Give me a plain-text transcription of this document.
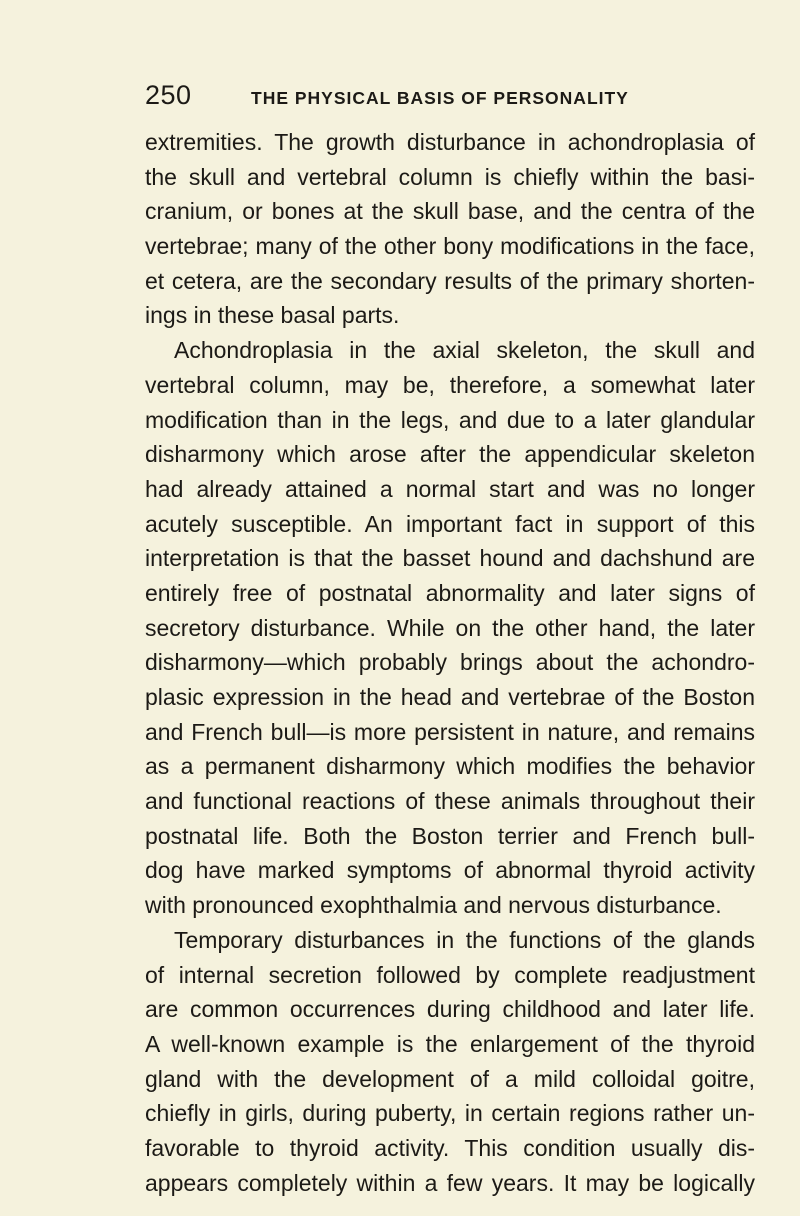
250	THE PHYSICAL BASIS OF PERSONALITY
extremities. The growth disturbance in achondroplasia of
the skull and vertebral column is chiefly within the basi-
cranium, or bones at the skull base, and the centra of the
vertebrae; many of the other bony modifications in the face,
et cetera, are the secondary results of the primary shorten-
ings in these basal parts.
Achondroplasia in the axial skeleton, the skull and
vertebral column, may be, therefore, a somewhat later
modification than in the legs, and due to a later glandular
disharmony which arose after the appendicular skeleton
had already attained a normal start and was no longer
acutely susceptible. An important fact in support of this
interpretation is that the basset hound and dachshund are
entirely free of postnatal abnormality and later signs of
secretory disturbance. While on the other hand, the later
disharmony—which probably brings about the achondro-
plasic expression in the head and vertebrae of the Boston
and French bull—is more persistent in nature, and remains
as a permanent disharmony which modifies the behavior
and functional reactions of these animals throughout their
postnatal life. Both the Boston terrier and French bull-
dog have marked symptoms of abnormal thyroid activity
with pronounced exophthalmia and nervous disturbance.
Temporary disturbances in the functions of the glands
of internal secretion followed by complete readjustment
are common occurrences during childhood and later life.
A well-known example is the enlargement of the thyroid
gland with the development of a mild colloidal goitre,
chiefly in girls, during puberty, in certain regions rather un-
favorable to thyroid activity. This condition usually dis-
appears completely within a few years. It may be logically
